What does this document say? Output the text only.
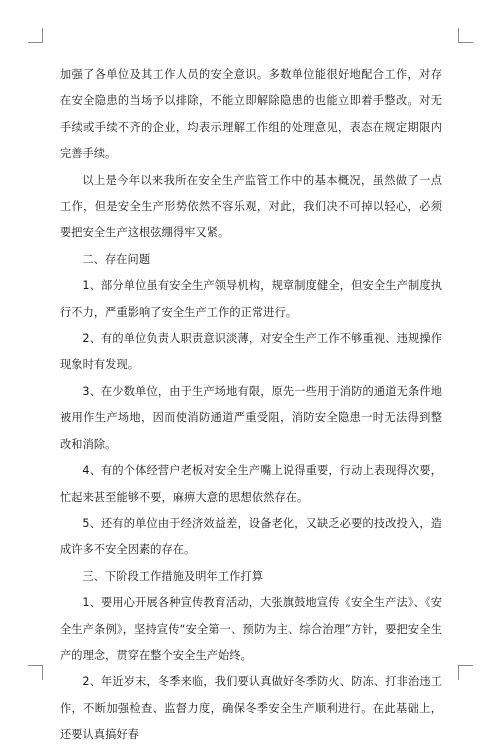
加强了各单位及其工作人员的安全意识。多数单位能很好地配合工作，对存在安全隐患的当场予以排除，不能立即解除隐患的也能立即着手整改。对无手续或手续不齐的企业，均表示理解工作组的处理意见，表态在规定期限内完善手续。

以上是今年以来我所在安全生产监管工作中的基本概况，虽然做了一点工作，但是安全生产形势依然不容乐观，对此，我们决不可掉以轻心，必须要把安全生产这根弦绷得牢又紧。

二、存在问题

1、部分单位虽有安全生产领导机构，规章制度健全，但安全生产制度执行不力，严重影响了安全生产工作的正常进行。

2、有的单位负责人职责意识淡薄，对安全生产工作不够重视、违规操作现象时有发现。

3、在少数单位，由于生产场地有限，原先一些用于消防的通道无条件地被用作生产场地，因而使消防通道严重受阻，消防安全隐患一时无法得到整改和消除。

4、有的个体经营户老板对安全生产嘴上说得重要，行动上表现得次要，忙起来甚至能够不要，麻痹大意的思想依然存在。

5、还有的单位由于经济效益差，设备老化，又缺乏必要的技改投入，造成许多不安全因素的存在。

三、下阶段工作措施及明年工作打算

1、要用心开展各种宣传教育活动，大张旗鼓地宣传《安全生产法》、《安全生产条例》，坚持宣传“安全第一、预防为主、综合治理”方针，要把安全生产的理念，贯穿在整个安全生产始终。

2、年近岁末，冬季来临，我们要认真做好冬季防火、防冻、打非治违工作，不断加强检查、监督力度，确保冬季安全生产顺利进行。在此基础上，还要认真搞好春
